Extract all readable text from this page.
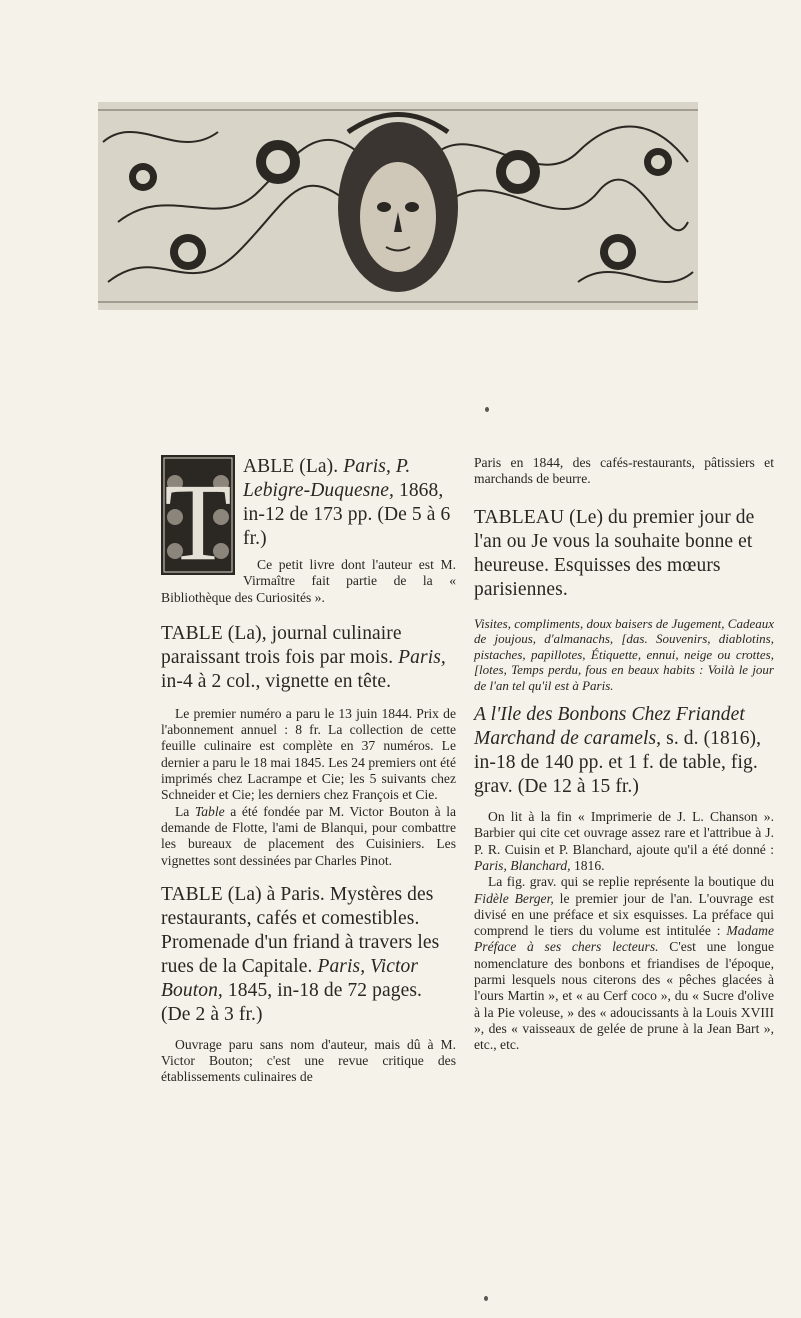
T ABLE (La). Paris, P. Lebigre-Duquesne, 1868, in-12 de 173 pp. (De 5 à 6 fr.)

Ce petit livre dont l'auteur est M. Virmaître fait partie de la « Bibliothèque des Curiosités ».

TABLE (La), journal culinaire paraissant trois fois par mois. Paris, in-4 à 2 col., vignette en tête.

Le premier numéro a paru le 13 juin 1844. Prix de l'abonnement annuel : 8 fr. La collection de cette feuille culinaire est complète en 37 numéros. Le dernier a paru le 18 mai 1845. Les 24 premiers ont été imprimés chez Lacrampe et Cie; les 5 suivants chez Schneider et Cie; les derniers chez François et Cie.

La Table a été fondée par M. Victor Bouton à la demande de Flotte, l'ami de Blanqui, pour combattre les bureaux de placement des Cuisiniers. Les vignettes sont dessinées par Charles Pinot.

TABLE (La) à Paris. Mystères des restaurants, cafés et comestibles. Promenade d'un friand à travers les rues de la Capitale. Paris, Victor Bouton, 1845, in-18 de 72 pages. (De 2 à 3 fr.)

Ouvrage paru sans nom d'auteur, mais dû à M. Victor Bouton; c'est une revue critique des établissements culinaires de

Paris en 1844, des cafés-restaurants, pâtissiers et marchands de beurre.

TABLEAU (Le) du premier jour de l'an ou Je vous la souhaite bonne et heureuse. Esquisses des mœurs parisiennes.

Visites, compliments, doux baisers de Jugement, Cadeaux de joujous, d'almanachs, [das. Souvenirs, diablotins, pistaches, papillotes, Étiquette, ennui, neige ou crottes, [lotes, Temps perdu, fous en beaux habits : Voilà le jour de l'an tel qu'il est à Paris.

A l'Ile des Bonbons Chez Friandet Marchand de caramels, s. d. (1816), in-18 de 140 pp. et 1 f. de table, fig. grav. (De 12 à 15 fr.)

On lit à la fin « Imprimerie de J. L. Chanson ». Barbier qui cite cet ouvrage assez rare et l'attribue à J. P. R. Cuisin et P. Blanchard, ajoute qu'il a été donné : Paris, Blanchard, 1816.

La fig. grav. qui se replie représente la boutique du Fidèle Berger, le premier jour de l'an. L'ouvrage est divisé en une préface et six esquisses. La préface qui comprend le tiers du volume est intitulée : Madame Préface à ses chers lecteurs. C'est une longue nomenclature des bonbons et friandises de l'époque, parmi lesquels nous citerons des « pêches glacées à l'ours Martin », et « au Cerf coco », du « Sucre d'olive à la Pie voleuse, » des « adoucissants à la Louis XVIII », des « vaisseaux de gelée de prune à la Jean Bart », etc., etc.
